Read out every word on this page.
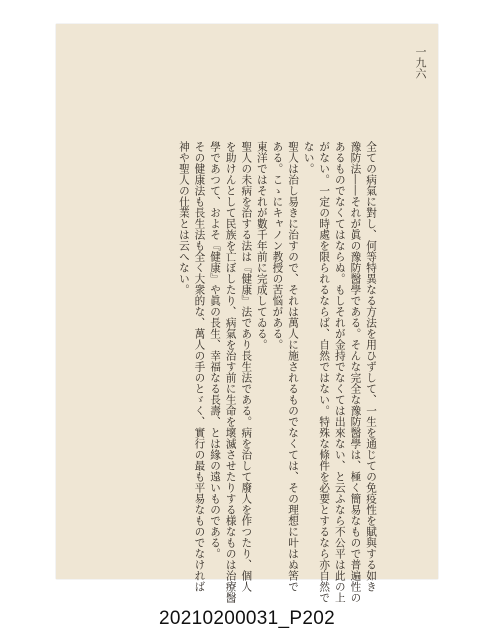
一九六

全ての病氣に對し、何等特異なる方法を用ひずして、一生を通じての免疫性を賦與する如き

豫防法――それが眞の豫防醫學である。そんな完全な豫防醫學は、極く簡易なもので普遍性の

あるものでなくてはならぬ。もしそれが金持でなくては出來ない、と云ふなら不公平は此の上

がない。一定の時處を限られるならば、自然ではない。特殊な條件を必要とするなら亦自然で

ない。

聖人は治し易きに治すので、それは萬人に施されるものでなくては、その理想に叶はぬ筈で

ある。こゝにキャノン教授の苦悩がある。

東洋ではそれが數千年前に完成してゐる。

聖人の未病を治する法は『健康』法であり長生法である。病を治して廢人を作つたり、個人

を助けんとして民族を亡ぼしたり、病氣を治す前に生命を壞滅させたりする様なものは治療醫

學であつて、およそ『健康』や眞の長生、幸福なる長壽、とは緣の遠いものである。

その健康法も長生法も全く大衆的な、萬人の手のとゞく、實行の最も平易なものでなければ

神や聖人の仕業とは云へない。

20210200031_P202
